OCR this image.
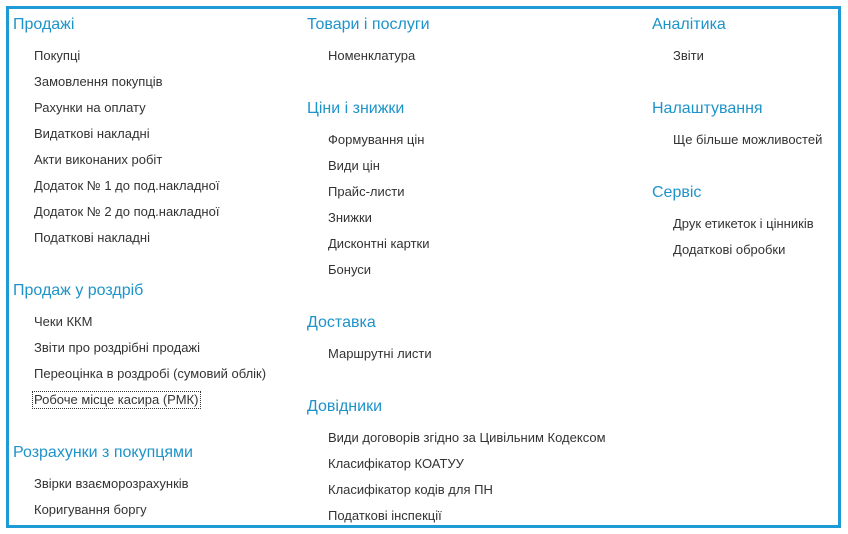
Продажі
Покупці
Замовлення покупців
Рахунки на оплату
Видаткові накладні
Акти виконаних робіт
Додаток № 1 до под.накладної
Додаток № 2 до под.накладної
Податкові накладні
Продаж у роздріб
Чеки ККМ
Звіти про роздрібні продажі
Переоцінка в роздробі (сумовий облік)
Робоче місце касира (РМК)
Розрахунки з покупцями
Звірки взаєморозрахунків
Коригування боргу
Товари і послуги
Номенклатура
Ціни і знижки
Формування цін
Види цін
Прайс-листи
Знижки
Дисконтні картки
Бонуси
Доставка
Маршрутні листи
Довідники
Види договорів згідно за Цивільним Кодексом
Класифікатор КОАТУУ
Класифікатор кодів для ПН
Податкові інспекції
Аналітика
Звіти
Налаштування
Ще більше можливостей
Сервіс
Друк етикеток і цінників
Додаткові обробки
